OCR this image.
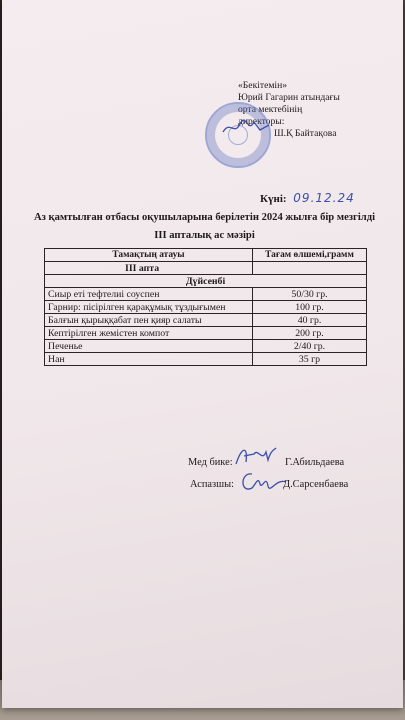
«Бекітемін»
Юрий Гагарин атындағы
орта мектебінің
директоры:
Ш.Қ Байтақова
Күні: 09.12.24
Аз қамтылған отбасы оқушыларына берілетін 2024 жылға бір мезгілді
ІІІ апталық ас мәзірі
Тамақтың атауы	Тағам өлшемі,грамм
ІІІ апта	
Дүйсенбі	
Сиыр еті тефтелиі соуспен	50/30 гр.
Гарнир: пісірілген қарақұмық тұздығымен	100 гр.
Балғын қырыққабат пен қияр салаты	40 гр.
Кептірілген жемістен компот	200 гр.
Печенье	2/40 гр.
Нан	35 гр
Мед бике:	Г.Абильдаева
Аспазшы:	Д.Сарсенбаева
